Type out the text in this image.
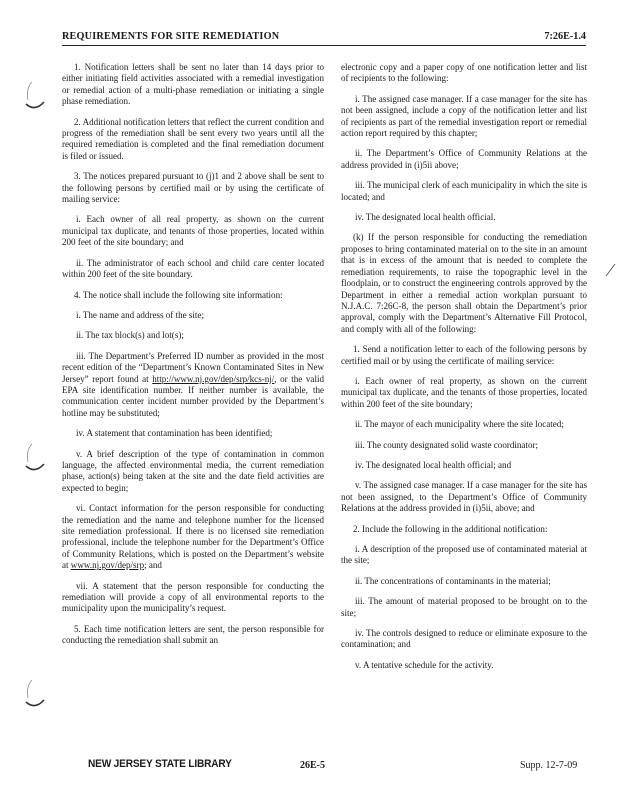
REQUIREMENTS FOR SITE REMEDIATION	7:26E-1.4

1. Notification letters shall be sent no later than 14 days prior to either initiating field activities associated with a remedial investigation or remedial action of a multi-phase remediation or initiating a single phase remediation.

2. Additional notification letters that reflect the current condition and progress of the remediation shall be sent every two years until all the required remediation is completed and the final remediation document is filed or issued.

3. The notices prepared pursuant to (j)1 and 2 above shall be sent to the following persons by certified mail or by using the certificate of mailing service:

i. Each owner of all real property, as shown on the current municipal tax duplicate, and tenants of those properties, located within 200 feet of the site boundary; and

ii. The administrator of each school and child care center located within 200 feet of the site boundary.

4. The notice shall include the following site information:

i. The name and address of the site;

ii. The tax block(s) and lot(s);

iii. The Department’s Preferred ID number as provided in the most recent edition of the “Department’s Known Contaminated Sites in New Jersey” report found at http://www.nj.gov/dep/srp/kcs-nj/, or the valid EPA site identification number. If neither number is available, the communication center incident number provided by the Department’s hotline may be substituted;

iv. A statement that contamination has been identified;

v. A brief description of the type of contamination in common language, the affected environmental media, the current remediation phase, action(s) being taken at the site and the date field activities are expected to begin;

vi. Contact information for the person responsible for conducting the remediation and the name and telephone number for the licensed site remediation professional. If there is no licensed site remediation professional, include the telephone number for the Department’s Office of Community Relations, which is posted on the Department’s website at www.nj.gov/dep/srp; and

vii. A statement that the person responsible for conducting the remediation will provide a copy of all environmental reports to the municipality upon the municipality’s request.

5. Each time notification letters are sent, the person responsible for conducting the remediation shall submit an

electronic copy and a paper copy of one notification letter and list of recipients to the following:

i. The assigned case manager. If a case manager for the site has not been assigned, include a copy of the notification letter and list of recipients as part of the remedial investigation report or remedial action report required by this chapter;

ii. The Department’s Office of Community Relations at the address provided in (i)5ii above;

iii. The municipal clerk of each municipality in which the site is located; and

iv. The designated local health official.

(k) If the person responsible for conducting the remediation proposes to bring contaminated material on to the site in an amount that is in excess of the amount that is needed to complete the remediation requirements, to raise the topographic level in the floodplain, or to construct the engineering controls approved by the Department in either a remedial action workplan pursuant to N.J.A.C. 7:26C-8, the person shall obtain the Department’s prior approval, comply with the Department’s Alternative Fill Protocol, and comply with all of the following:

1. Send a notification letter to each of the following persons by certified mail or by using the certificate of mailing service:

i. Each owner of real property, as shown on the current municipal tax duplicate, and the tenants of those properties, located within 200 feet of the site boundary;

ii. The mayor of each municipality where the site located;

iii. The county designated solid waste coordinator;

iv. The designated local health official; and

v. The assigned case manager. If a case manager for the site has not been assigned, to the Department’s Office of Community Relations at the address provided in (i)5ii, above; and

2. Include the following in the additional notification:

i. A description of the proposed use of contaminated material at the site;

ii. The concentrations of contaminants in the material;

iii. The amount of material proposed to be brought on to the site;

iv. The controls designed to reduce or eliminate exposure to the contamination; and

v. A tentative schedule for the activity.

NEW JERSEY STATE LIBRARY	26E-5	Supp. 12-7-09
